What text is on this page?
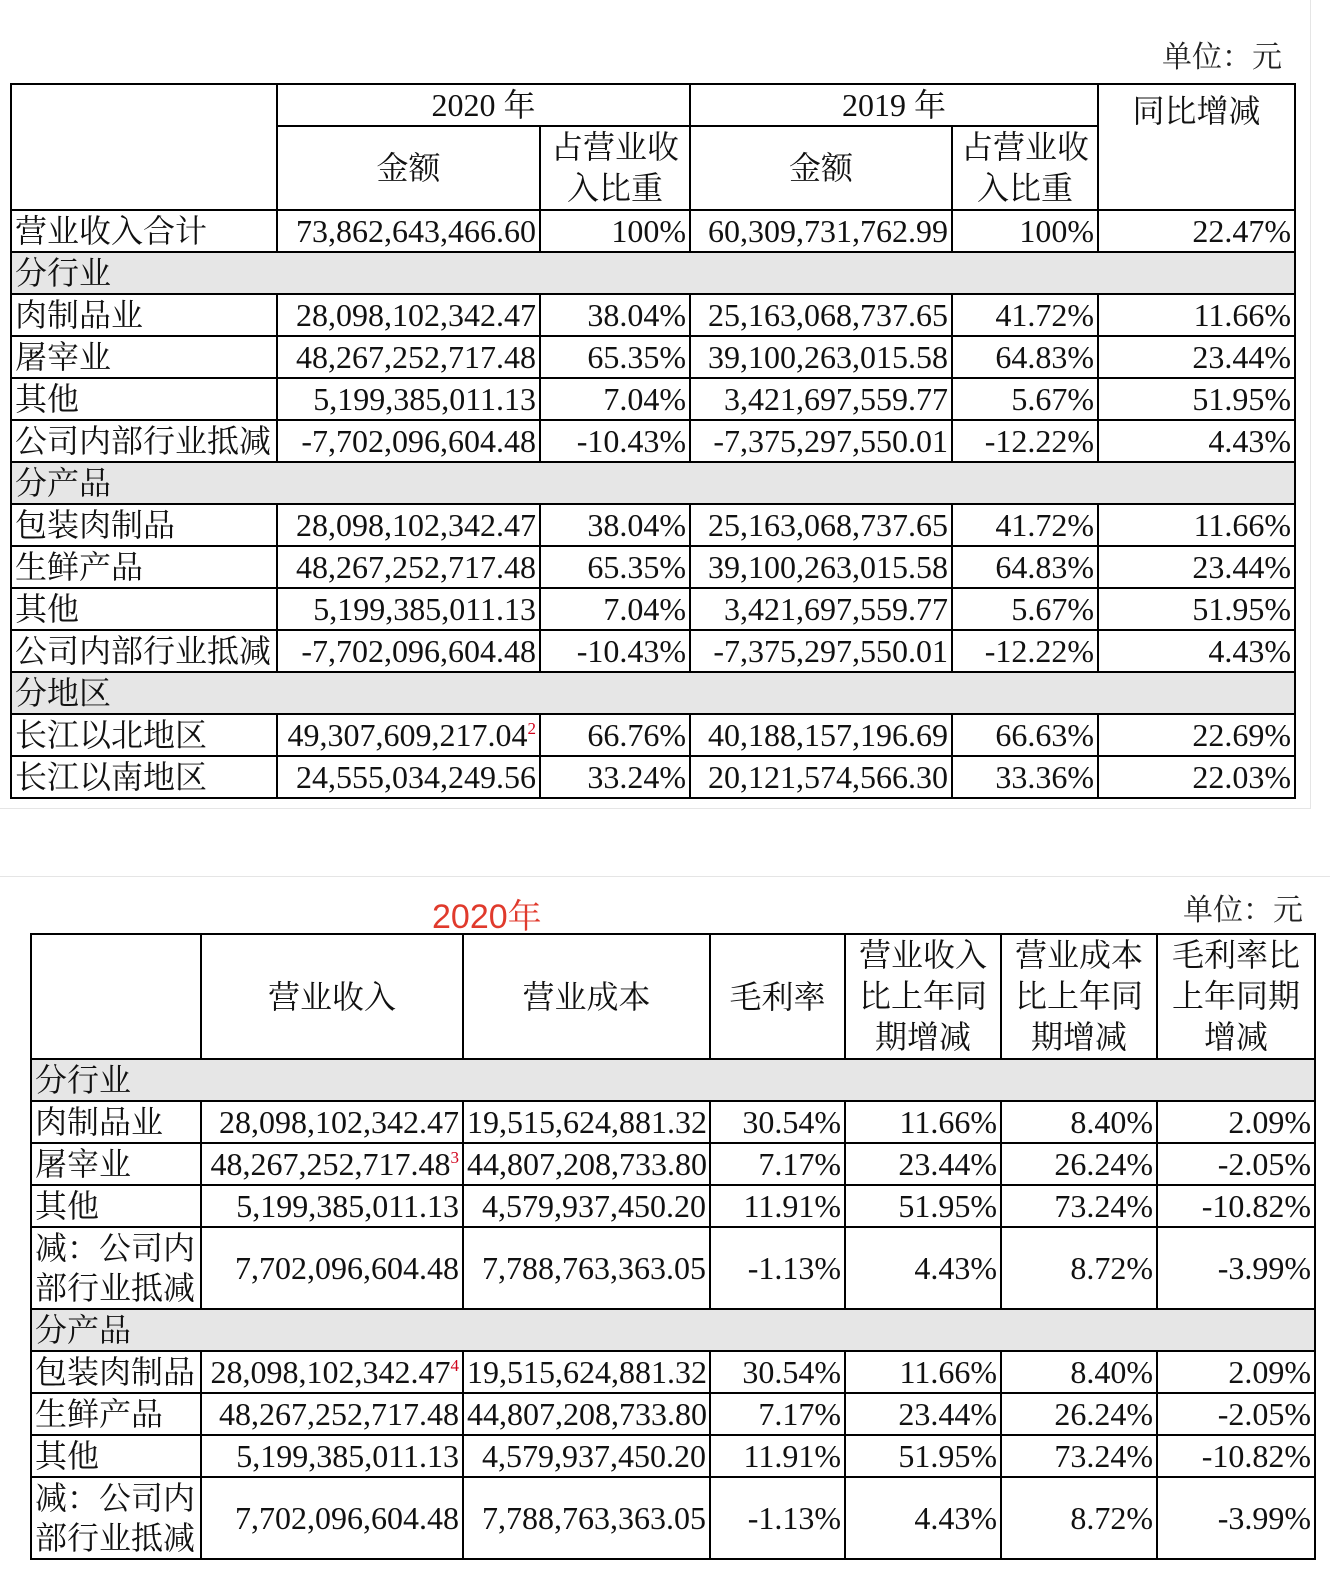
单位：元
	2020 年		2019 年		同比增减
	金额	占营业收入比重	金额	占营业收入比重	
营业收入合计	73,862,643,466.60	100%	60,309,731,762.99	100%	22.47%
分行业					
肉制品业	28,098,102,342.47	38.04%	25,163,068,737.65	41.72%	11.66%
屠宰业	48,267,252,717.48	65.35%	39,100,263,015.58	64.83%	23.44%
其他	5,199,385,011.13	7.04%	3,421,697,559.77	5.67%	51.95%
公司内部行业抵减	-7,702,096,604.48	-10.43%	-7,375,297,550.01	-12.22%	4.43%
分产品					
包装肉制品	28,098,102,342.47	38.04%	25,163,068,737.65	41.72%	11.66%
生鲜产品	48,267,252,717.48	65.35%	39,100,263,015.58	64.83%	23.44%
其他	5,199,385,011.13	7.04%	3,421,697,559.77	5.67%	51.95%
公司内部行业抵减	-7,702,096,604.48	-10.43%	-7,375,297,550.01	-12.22%	4.43%
分地区					
长江以北地区	49,307,609,217.04$^2$	66.76%	40,188,157,196.69	66.63%	22.69%
长江以南地区	24,555,034,249.56	33.24%	20,121,574,566.30	33.36%	22.03%
2020年	单位：元
	营业收入	营业成本	毛利率	营业收入比上年同期增减	营业成本比上年同期增减	毛利率比上年同期增减
分行业						
肉制品业	28,098,102,342.47	19,515,624,881.32	30.54%	11.66%	8.40%	2.09%
屠宰业	48,267,252,717.48$^3$	44,807,208,733.80	7.17%	23.44%	26.24%	-2.05%
其他	5,199,385,011.13	4,579,937,450.20	11.91%	51.95%	73.24%	-10.82%
减：公司内部行业抵减	7,702,096,604.48	7,788,763,363.05	-1.13%	4.43%	8.72%	-3.99%
分产品						
包装肉制品	28,098,102,342.47$^4$	19,515,624,881.32	30.54%	11.66%	8.40%	2.09%
生鲜产品	48,267,252,717.48	44,807,208,733.80	7.17%	23.44%	26.24%	-2.05%
其他	5,199,385,011.13	4,579,937,450.20	11.91%	51.95%	73.24%	-10.82%
减：公司内部行业抵减	7,702,096,604.48	7,788,763,363.05	-1.13%	4.43%	8.72%	-3.99%
